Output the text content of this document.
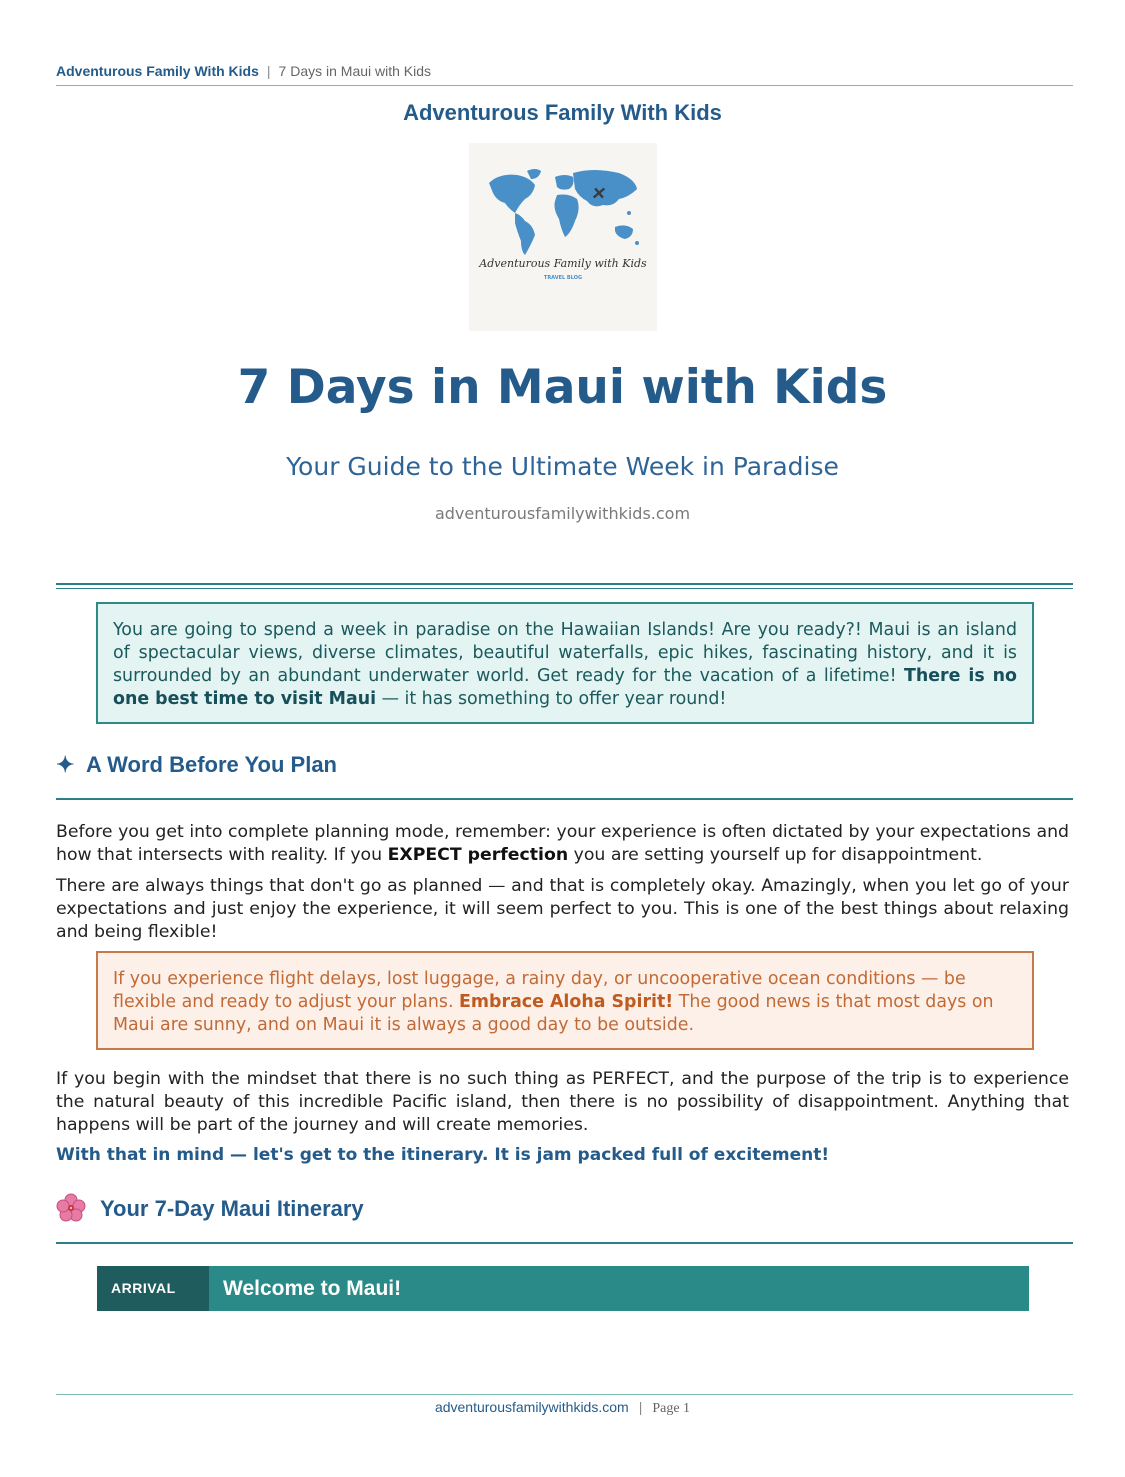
Adventurous Family With Kids | 7 Days in Maui with Kids
Adventurous Family With Kids
Adventurous Family with Kids
TRAVEL BLOG
7 Days in Maui with Kids
Your Guide to the Ultimate Week in Paradise
adventurousfamilywithkids.com
You are going to spend a week in paradise on the Hawaiian Islands! Are you ready?! Maui is an island of spectacular views, diverse climates, beautiful waterfalls, epic hikes, fascinating history, and it is surrounded by an abundant underwater world. Get ready for the vacation of a lifetime! There is no one best time to visit Maui — it has something to offer year round!
✦ A Word Before You Plan
Before you get into complete planning mode, remember: your experience is often dictated by your expectations and how that intersects with reality. If you EXPECT perfection you are setting yourself up for disappointment.
There are always things that don't go as planned — and that is completely okay. Amazingly, when you let go of your expectations and just enjoy the experience, it will seem perfect to you. This is one of the best things about relaxing and being flexible!
If you experience flight delays, lost luggage, a rainy day, or uncooperative ocean conditions — be flexible and ready to adjust your plans. Embrace Aloha Spirit! The good news is that most days on Maui are sunny, and on Maui it is always a good day to be outside.
If you begin with the mindset that there is no such thing as PERFECT, and the purpose of the trip is to experience the natural beauty of this incredible Pacific island, then there is no possibility of disappointment. Anything that happens will be part of the journey and will create memories.
With that in mind — let's get to the itinerary. It is jam packed full of excitement!
Your 7-Day Maui Itinerary
ARRIVAL	Welcome to Maui!
adventurousfamilywithkids.com | Page 1
